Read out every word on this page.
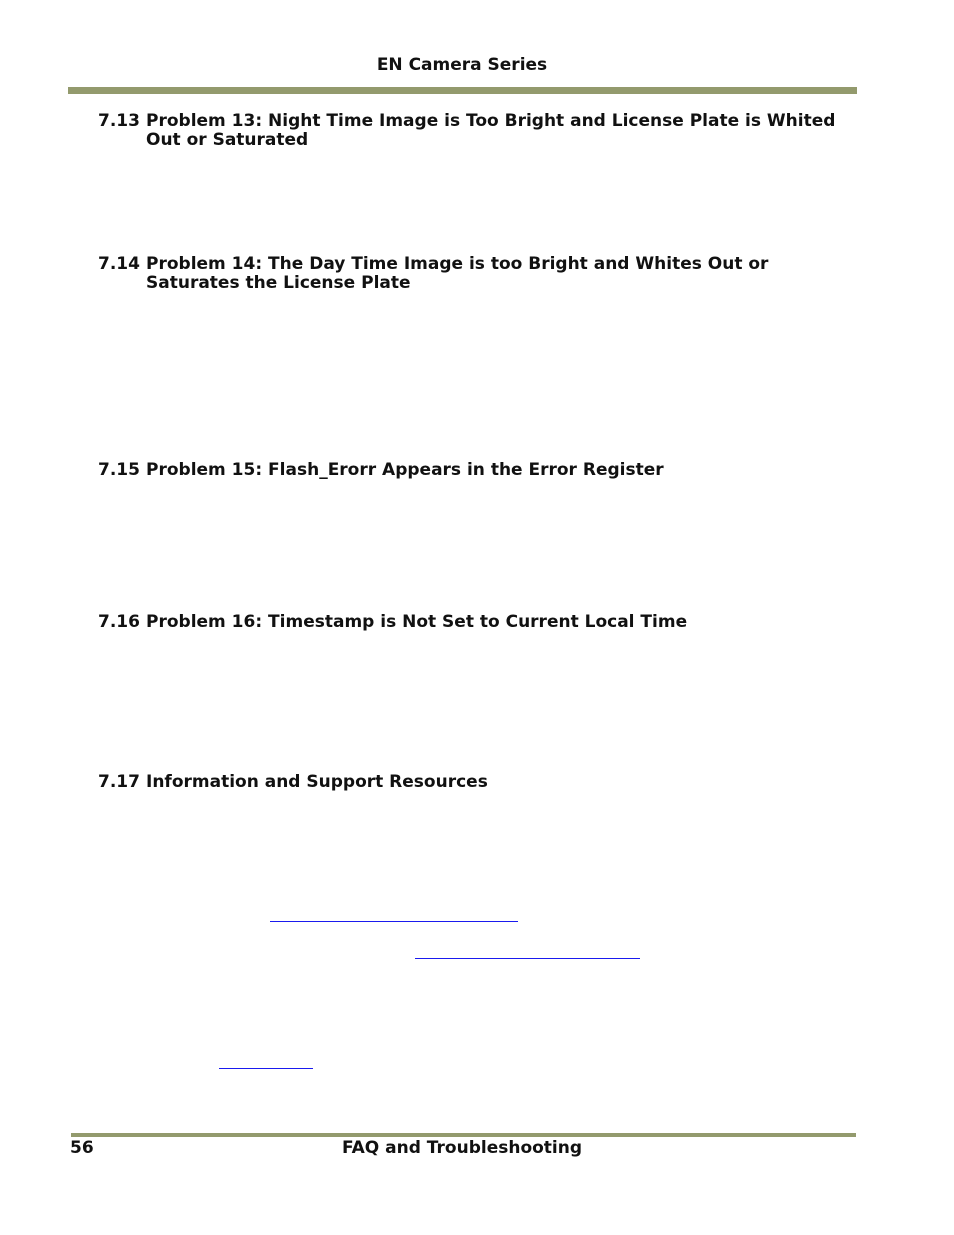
EN Camera Series
7.13 Problem 13: Night Time Image is Too Bright and License Plate is Whited Out or Saturated
7.14 Problem 14: The Day Time Image is too Bright and Whites Out or Saturates the License Plate
7.15 Problem 15: Flash_Erorr Appears in the Error Register
7.16 Problem 16: Timestamp is Not Set to Current Local Time
7.17 Information and Support Resources
56	FAQ and Troubleshooting
